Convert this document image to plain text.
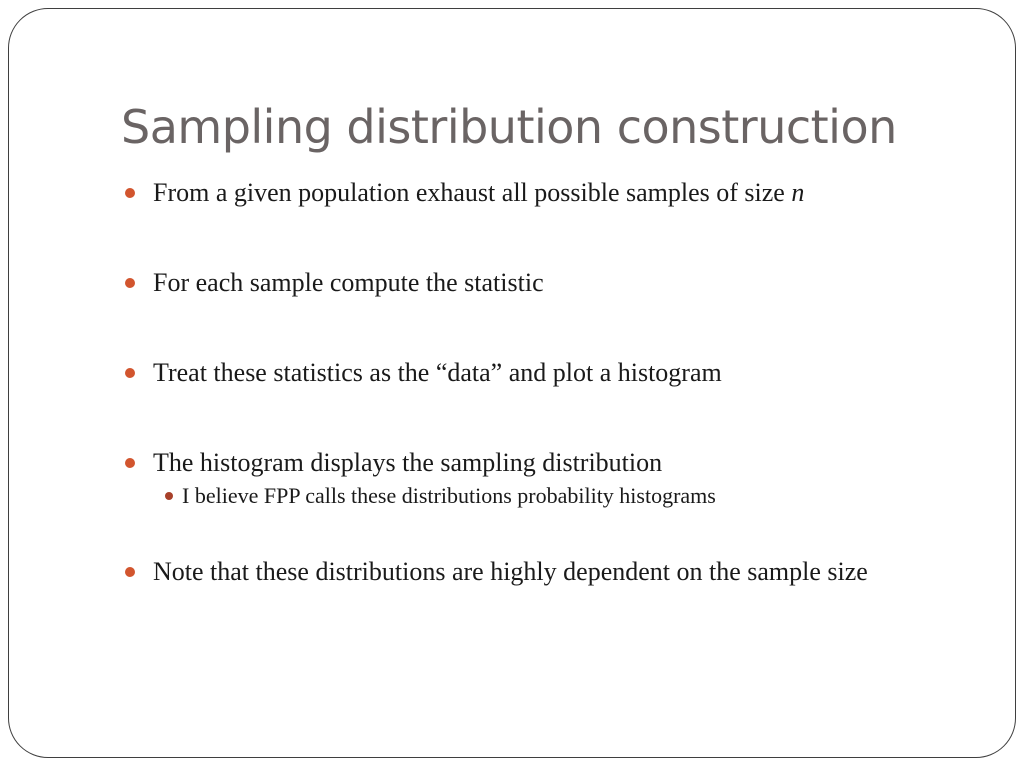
Sampling distribution construction
From a given population exhaust all possible samples of size n
For each sample compute the statistic
Treat these statistics as the “data” and plot a histogram
The histogram displays the sampling distribution
I believe FPP calls these distributions probability histograms
Note that these distributions are highly dependent on the sample size
